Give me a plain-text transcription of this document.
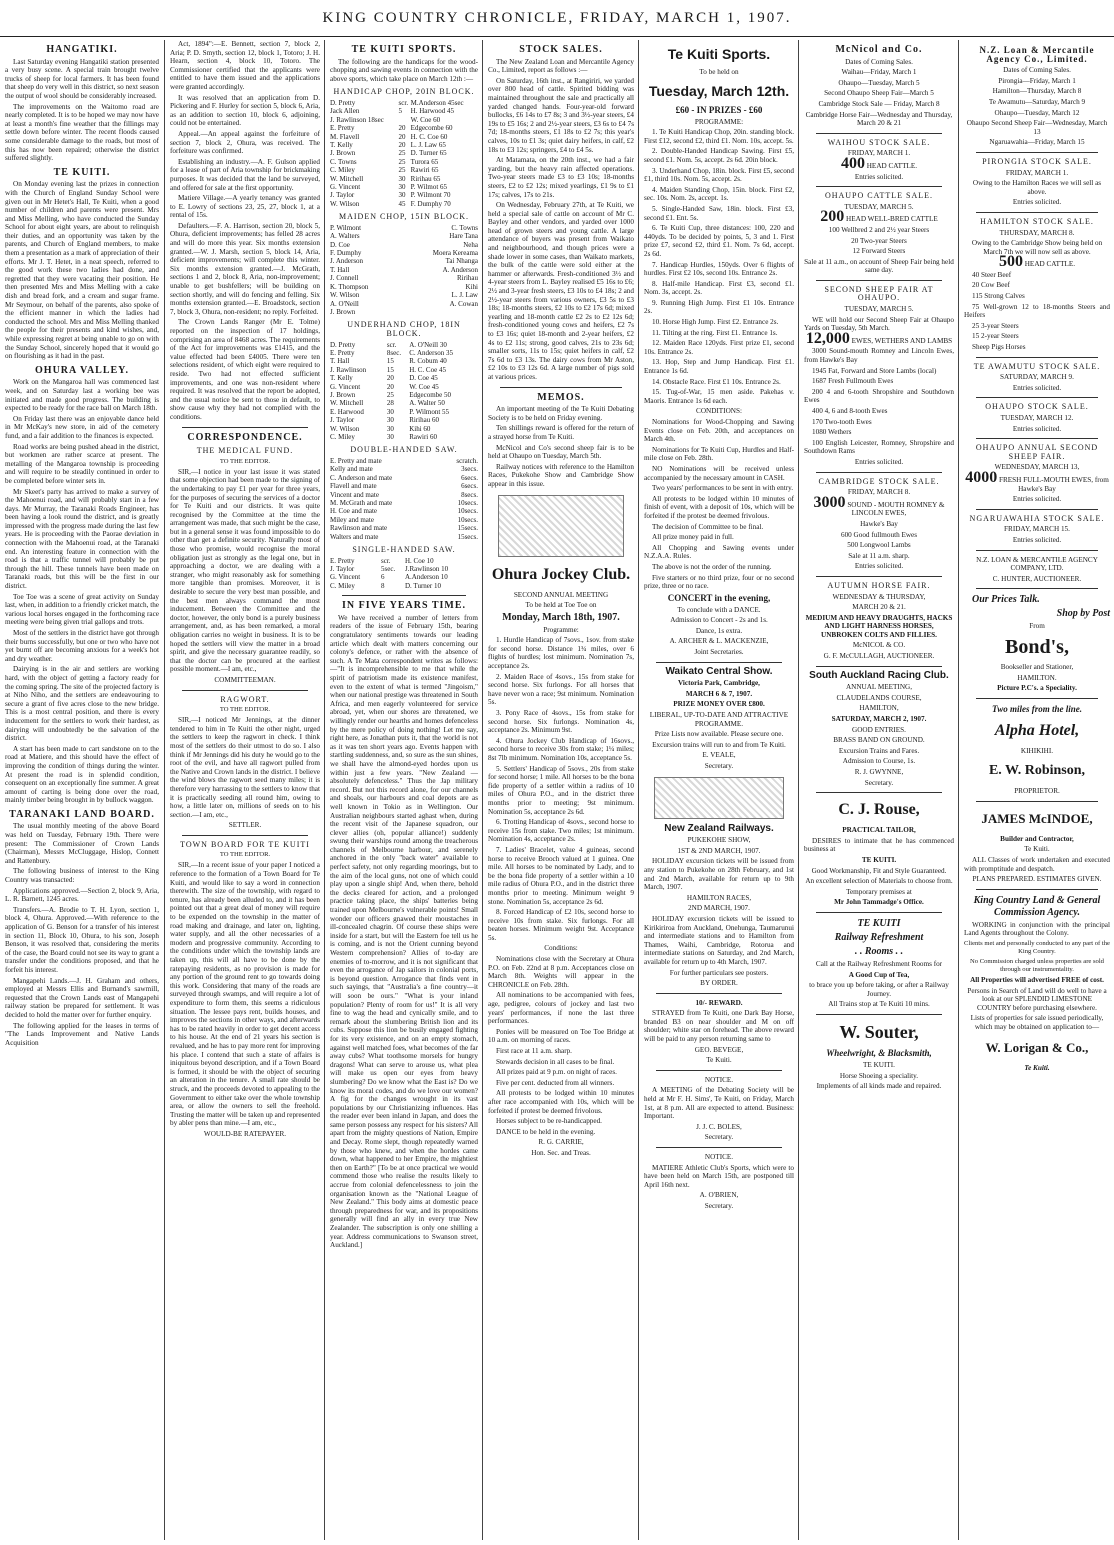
KING COUNTRY CHRONICLE, FRIDAY, MARCH 1, 1907.
HANGATIKI.

Last Saturday evening Hangatiki station presented a very busy scene. A special train brought twelve trucks of sheep for local farmers. It has been found that sheep do very well in this district, so next season the output of wool should be considerably increased.

The improvements on the Waitomo road are nearly completed. It is to be hoped we may now have at least a month's fine weather that the fillings may settle down before winter. The recent floods caused some considerable damage to the roads, but most of this has now been repaired; otherwise the district suffered slightly.

TE KUITI.

On Monday evening last the prizes in connection with the Church of England Sunday School were given out in Mr Hetet's Hall, Te Kuiti, when a good number of children and parents were present. Mrs and Miss Melling, who have conducted the Sunday School for about eight years, are about to relinquish their duties, and an opportunity was taken by the parents, and Church of England members, to make them a presentation as a mark of appreciation of their efforts. Mr J. T. Hetet, in a neat speech, referred to the good work these two ladies had done, and regretted that they were vacating their position. He then presented Mrs and Miss Melling with a cake dish and bread fork, and a cream and sugar frame. Mr Seymour, on behalf of the parents, also spoke of the efficient manner in which the ladies had conducted the school. Mrs and Miss Melling thanked the people for their presents and kind wishes, and, while expressing regret at being unable to go on with the Sunday School, sincerely hoped that it would go on flourishing as it had in the past.

OHURA VALLEY.

Work on the Mangaroa hall was commenced last week, and on Saturday last a working bee was initiated and made good progress. The building is expected to be ready for the race ball on March 18th.

On Friday last there was an enjoyable dance held in Mr McKay's new store, in aid of the cemetery fund, and a fair addition to the finances is expected.

Road works are being pushed ahead in the district, but workmen are rather scarce at present. The metalling of the Mangaroa township is proceeding and will require to be steadily continued in order to be completed before winter sets in.

Mr Skeet's party has arrived to make a survey of the Mahoenui road, and will probably start in a few days. Mr Murray, the Taranaki Roads Engineer, has been having a look round the district, and is greatly impressed with the progress made during the last few years. He is proceeding with the Paorae deviation in connection with the Mahoenui road, at the Taranaki end. An interesting feature in connection with the road is that a traffic tunnel will probably be put through the hill. These tunnels have been made on Taranaki roads, but this will be the first in our district.

Toe Toe was a scene of great activity on Sunday last, when, in addition to a friendly cricket match, the various local horses engaged in the forthcoming race meeting were being given trial gallops and trots.

Most of the settlers in the district have got through their burns successfully, but one or two who have not yet burnt off are becoming anxious for a week's hot and dry weather.

Dairying is in the air and settlers are working hard, with the object of getting a factory ready for the coming spring. The site of the projected factory is at Niho Niho, and the settlers are endeavouring to secure a grant of five acres close to the new bridge. This is a most central position, and there is every inducement for the settlers to work their hardest, as dairying will undoubtedly be the salvation of the district.

A start has been made to cart sandstone on to the road at Matiere, and this should have the effect of improving the condition of things during the winter. At present the road is in splendid condition, consequent on an exceptionally fine summer. A great amount of carting is being done over the road, mainly timber being brought in by bullock waggon.

TARANAKI LAND BOARD.

The usual monthly meeting of the above Board was held on Tuesday, February 19th. There were present: The Commissioner of Crown Lands (Chairman), Messrs McCluggage, Hislop, Connett and Rattenbury.

The following business of interest to the King Country was transacted:

Applications approved.—Section 2, block 9, Aria, L. R. Barnett, 1245 acres.

Transfers.—A. Brodie to T. H. Lyon, section 1, block 4, Ohura. Approved.—With reference to the application of G. Benson for a transfer of his interest in section 11, Block 10, Ohura, to his son, Joseph Benson, it was resolved that, considering the merits of the case, the Board could not see its way to grant a transfer under the conditions proposed, and that he forfeit his interest.

Mangapehi Lands.—J. H. Graham and others, employed at Messrs Ellis and Burnand's sawmill, requested that the Crown Lands east of Mangapehi railway station be prepared for settlement. It was decided to hold the matter over for further enquiry.

The following applied for the leases in terms of "The Lands Improvement and Native Lands Acquisition

Act, 1894":—E. Bennett, section 7, block 2, Aria; P. D. Smyth, section 12, block 1, Totoro; J. H. Hearn, section 4, block 10, Totoro. The Commissioner certified that the applicants were entitled to have them issued and the applications were granted accordingly.

It was resolved that an application from D. Pickering and F. Hurley for section 5, block 6, Aria, as an addition to section 10, block 6, adjoining, could not be entertained.

Appeal.—An appeal against the forfeiture of section 7, block 2, Ohura, was received. The forfeiture was confirmed.

Establishing an industry.—A. F. Gulson applied for a lease of part of Aria township for brickmaking purposes. It was decided that the land be surveyed, and offered for sale at the first opportunity.

Matiere Village.—A yearly tenancy was granted to E. Lowry of sections 23, 25, 27, block 1, at a rental of 15s.

Defaulters.—F. A. Harrison, section 20, block 5, Ohura, deficient improvements; has felled 28 acres and will do more this year. Six months extension granted.—W. J. Marsh, section 5, block 14, Aria, deficient improvements; will complete this winter. Six months extension granted.—J. McGrath, sections 1 and 2, block 8, Aria, non-improvement; unable to get bushfellers; will be building on section shortly, and will do fencing and felling. Six months extension granted.—E. Broadstock, section 7, block 3, Ohura, non-resident; no reply. Forfeited.

The Crown Lands Ranger (Mr E. Tolme) reported on the inspection of 17 holdings, comprising an area of 8468 acres. The requirements of the Act for improvements was £1415, and the value effected had been £4005. There were ten selections resident, of which eight were required to reside. Two had not effected sufficient improvements, and one was non-resident where required. It was resolved that the report be adopted, and the usual notice be sent to those in default, to show cause why they had not complied with the conditions.

CORRESPONDENCE.
THE MEDICAL FUND.

TO THE EDITOR.

SIR,—I notice in your last issue it was stated that some objection had been made to the signing of the undertaking to pay £1 per year for three years, for the purposes of securing the services of a doctor for Te Kuiti and our districts. It was quite recognised by the Committee at the time the arrangement was made, that such might be the case, but in a general sense it was found impossible to do other than get a definite security. Naturally most of those who promise, would recognise the moral obligation just as strongly as the legal one, but in approaching a doctor, we are dealing with a stranger, who might reasonably ask for something more tangible than promises. Moreover, it is desirable to secure the very best man possible, and the best men always command the most inducement. Between the Committee and the doctor, however, the only bond is a purely business arrangement, and, as has been remarked, a moral obligation carries no weight in business. It is to be hoped the settlers will view the matter in a broad spirit, and give the necessary guarantee readily, so that the doctor can be procured at the earliest possible moment.—I am, etc.,

COMMITTEEMAN.

RAGWORT.

TO THE EDITOR.

SIR,—I noticed Mr Jennings, at the dinner tendered to him in Te Kuiti the other night, urged the settlers to keep the ragwort in check. I think most of the settlers do their utmost to do so. I also think if Mr Jennings did his duty he would go to the root of the evil, and have all ragwort pulled from the Native and Crown lands in the district. I believe the wind blows the ragwort seed many miles; it is therefore very harrassing to the settlers to know that it is practically seeding all round him, owing to how, a little later on, millions of seeds on to his section.—I am, etc.,

SETTLER.

TOWN BOARD FOR TE KUITI

TO THE EDITOR.

SIR,—In a recent issue of your paper I noticed a reference to the formation of a Town Board for Te Kuiti, and would like to say a word in connection therewith. The size of the township, with regard to tenure, has already been alluded to, and it has been pointed out that a great deal of money will require to be expended on the township in the matter of road making and drainage, and later on, lighting, water supply, and all the other necessaries of a modern and progressive community. According to the conditions under which the township lands are taken up, this will all have to be done by the ratepaying residents, as no provision is made for any portion of the ground rent to go towards doing this work. Considering that many of the roads are surveyed through swamps, and will require a lot of expenditure to form them, this seems a ridiculous situation. The lessee pays rent, builds houses, and improves the sections in other ways, and afterwards has to be rated heavily in order to get decent access to his house. At the end of 21 years his section is revalued, and he has to pay more rent for improving his place. I contend that such a state of affairs is iniquitous beyond description, and if a Town Board is formed, it should be with the object of securing an alteration in the tenure. A small rate should be struck, and the proceeds devoted to appealing to the Government to either take over the whole township area, or allow the owners to sell the freehold. Trusting the matter will be taken up and represented by abler pens than mine.—I am, etc.,

WOULD-BE RATEPAYER.

TE KUITI SPORTS.

The following are the handicaps for the wood-chopping and sawing events in connection with the above sports, which take place on March 12th :—

HANDICAP CHOP, 20IN BLOCK.
D. Pretty	scr.	M.Anderson 45sec
Jack Allen	5	H. Harwood 45
J. Rawlinson 18sec		W. Coe 60
E. Pretty	20	Edgecombe 60
M. Flavell	20	H. C. Coe 60
T. Kelly	20	L. J. Law 65
J. Brown	25	D. Turner 65
C. Towns	25	Turora 65
C. Miley	25	Rawiri 65
W. Mitchell	30	Ririhau 65
G. Vincent	30	P. Wilmot 65
J. Taylor	30	P. Wilmont 70
W. Wilson	45	F. Dumphy 70
MAIDEN CHOP, 15IN BLOCK.
P. Wilmont	C. Towns
A. Walters	Hare Tana
D. Coe	Neha
F. Dumphy	Moera Kereama
J. Anderson	Tai Nhanga
T. Hall	A. Anderson
J. Connell	Ririhau
K. Thompson	Kihi
W. Wilson	L. J. Law
A. O'Neill	A. Cowan
J. Brown	
UNDERHAND CHOP, 18IN BLOCK.
D. Pretty	scr.	A. O'Neill 30
E. Pretty	8sec.	C. Anderson 35
T. Hall	15	R. Cobum 40
J. Rawlinson	15	H. C. Coe 45
T. Kelly	20	D. Coe 45
G. Vincent	20	W. Coe 45
J. Brown	25	Edgecombe 50
W. Mitchell	28	A. Walter 50
E. Harwood	30	P. Wilmont 55
J. Taylor	30	Ririhau 60
W. Wilson	30	Kihi 60
C. Miley	30	Rawiri 60
DOUBLE-HANDED SAW.
E. Pretty and mate	scratch.
Kelly and mate	3secs.
C. Anderson and mate	6secs.
Flavell and mate	6secs.
Vincent and mate	8secs.
M. McGrath and mate	10secs.
H. Coe and mate	10secs.
Miley and mate	10secs.
Rawlinson and mate	15secs.
Walters and mate	15secs.
SINGLE-HANDED SAW.
E. Pretty	scr.	H. Coe 10
J. Taylor	5sec.	J.Rawlinson 10
G. Vincent	6	A.Anderson 10
C. Miley	8	D. Turner 10
IN FIVE YEARS TIME.

We have received a number of letters from readers of the issue of February 15th, bearing congratulatory sentiments towards our leading article which dealt with matters concerning our colony's defence, or rather with the absence of such. A Te Mata correspondent writes as follows:—"It is incomprehensible to me that while the spirit of patriotism made its existence manifest, even to the extent of what is termed "Jingoism," when our national prestige was threatened in South Africa, and men eagerly volunteered for service abroad, yet, when our shores are threatened, we willingly render our hearths and homes defenceless by the mere policy of doing nothing! Let me say, right here, as Jonathan puts it, that the world is not as it was ten short years ago. Events happen with startling suddenness, and, so sure as the sun shines, we shall have the almond-eyed hordes upon us within just a few years. "New Zealand — absolutely defenceless." Thus the Jap military record. But not this record alone, for our channels and shoals, our harbours and coal depots are as well known in Tokio as in Wellington. Our Australian neighbours started aghast when, during the recent visit of the Japanese squadron, our clever allies (oh, popular alliance!) suddenly swung their warships round among the treacherous channels of Melbourne harbour, and serenely anchored in the only "back water" available to perfect safety, not only regarding moorings, but to the aim of the local guns, not one of which could play upon a single ship! And, when there, behold the decks cleared for action, and a prolonged practice taking place, the ships' batteries being trained upon Melbourne's vulnerable points! Small wonder our officers gnawed their moustaches in ill-concealed chagrin. Of course these ships were inside for a start, but will the Eastern foe tell us he is coming, and is not the Orient cunning beyond Western comprehension? Allies of to-day are enemies of to-morrow, and it is not significant that even the arrogance of Jap sailors in colonial ports, is beyond question. Arrogance that finds vent in such sayings, that "Australia's a fine country—it will soon be ours." "What is your inland population? Plenty of room for us!" It is all very fine to wag the head and cynically smile, and to remark about the slumbering British lion and its cubs. Suppose this lion be busily engaged fighting for its very existence, and on an empty stomach, against well matched foes, what becomes of the far away cubs? What toothsome morsels for hungry dragons! What can serve to arouse us, what plea will make us open our eyes from heavy slumbering? Do we know what the East is? Do we know its moral codes, and do we love our women? A fig for the changes wrought in its vast populations by our Christianizing influences. Has the reader ever been inland in Japan, and does the same person possess any respect for his sisters? All apart from the mighty questions of Nation, Empire and Decay. Rome slept, though repeatedly warned by those who knew, and when the hordes came down, what happened to her Empire, the mightiest then on Earth?" [To be at once practical we would commend those who realise the results likely to accrue from colonial defencelessness to join the organisation known as the "National League of New Zealand." This body aims at domestic peace through preparedness for war, and its propositions generally will find an ally in every true New Zealander. The subscription is only one shilling a year. Address communications to Swanson street, Auckland.]

STOCK SALES.

The New Zealand Loan and Mercantile Agency Co., Limited, report as follows :—

On Saturday, 16th inst., at Rangiriri, we yarded over 800 head of cattle. Spirited bidding was maintained throughout the sale and practically all yarded changed hands. Four-year-old forward bullocks, £6 14s to £7 8s; 3 and 3½-year steers, £4 19s to £5 16s; 2 and 2½-year steers, £3 6s to £4 7s 7d; 18-months steers, £1 18s to £2 7s; this year's calves, 10s to £1 3s; quiet dairy heifers, in calf, £2 18s to £3 12s; springers, £4 to £4 5s.

At Matamata, on the 20th inst., we had a fair yarding, but the heavy rain affected operations. Two-year steers made £3 to £3 10s; 18-months steers, £2 to £2 12s; mixed yearlings, £1 9s to £1 17s; calves, 17s to 21s.

On Wednesday, February 27th, at Te Kuiti, we held a special sale of cattle on account of Mr C. Bayley and other vendors, and yarded over 1000 head of grown steers and young cattle. A large attendance of buyers was present from Waikato and neighbourhood, and though prices were a shade lower in some cases, than Waikato markets, the bulk of the cattle were sold either at the hammer or afterwards. Fresh-conditioned 3½ and 4-year steers from L. Bayley realised £5 16s to £6; 2½ and 3-year fresh steers, £3 10s to £4 18s; 2 and 2½-year steers from various owners, £3 5s to £3 18s; 18-months steers, £2 10s to £2 17s 6d; mixed yearling and 18-month cattle £2 2s to £2 12s 6d; fresh-conditioned young cows and heifers, £2 7s to £3 16s; quiet 18-month and 2-year heifers, £2 4s to £2 11s; strong, good calves, 21s to 23s 6d; smaller sorts, 11s to 15s; quiet heifers in calf, £2 7s 6d to £3 13s. The dairy cows from Mr Aston, £2 10s to £3 12s 6d. A large number of pigs sold at various prices.

MEMOS.

An important meeting of the Te Kuiti Debating Society is to be held on Friday evening.

Ten shillings reward is offered for the return of a strayed horse from Te Kuiti.

McNicol and Co's second sheep fair is to be held at Ohaupo on Tuesday, March 5th.

Railway notices with reference to the Hamilton Races, Pukekohe Show and Cambridge Show appear in this issue.

Ohura Jockey Club.

SECOND ANNUAL MEETING

To be held at Toe Toe on

Monday, March 18th, 1907.

Programme:

1. Hurdle Handicap of 7sovs., 1sov. from stake for second horse. Distance 1¾ miles, over 6 flights of hurdles; lost minimum. Nomination 7s, acceptance 2s.

2. Maiden Race of 4sovs., 15s from stake for second horse. Six furlongs. For all horses that have never won a race; 9st minimum. Nomination 5s.

3. Pony Race of 4sovs., 15s from stake for second horse. Six furlongs. Nomination 4s, acceptance 2s. Minimum 9st.

4. Ohura Jockey Club Handicap of 16sovs., second horse to receive 30s from stake; 1¼ miles; 8st 7lb minimum. Nomination 10s, acceptance 5s.

5. Settlers' Handicap of 5sovs., 20s from stake for second horse; 1 mile. All horses to be the bona fide property of a settler within a radius of 10 miles of Ohura P.O., and in the district three months prior to meeting; 9st minimum. Nomination 5s, acceptance 2s 6d.

6. Trotting Handicap of 4sovs., second horse to receive 15s from stake. Two miles; 1st minimum. Nomination 4s, acceptance 2s.

7. Ladies' Bracelet, value 4 guineas, second horse to receive Brooch valued at 1 guinea. One mile. All horses to be nominated by Lady, and to be the bona fide property of a settler within a 10 mile radius of Ohura P.O., and in the district three months prior to meeting. Minimum weight 9 stone. Nomination 5s, acceptance 2s 6d.

8. Forced Handicap of £2 10s, second horse to receive 10s from stake. Six furlongs. For all beaten horses. Minimum weight 9st. Acceptance 5s.

Conditions:

Nominations close with the Secretary at Ohura P.O. on Feb. 22nd at 8 p.m. Acceptances close on March 8th. Weights will appear in the CHRONICLE on Feb. 28th.

All nominations to be accompanied with fees, age, pedigree, colours of jockey and last two years' performances, if none the last three performances.

Ponies will be measured on Toe Toe Bridge at 10 a.m. on morning of races.

First race at 11 a.m. sharp.

Stewards decision in all cases to be final.

All prizes paid at 9 p.m. on night of races.

Five per cent. deducted from all winners.

All protests to be lodged within 10 minutes after race accompanied with 10s, which will be forfeited if protest be deemed frivolous.

Horses subject to be re-handicapped.

DANCE to be held in the evening.

R. G. CARRIE,

Hon. Sec. and Treas.

Te Kuiti Sports.

To be held on

Tuesday, March 12th.

£60 - IN PRIZES - £60

PROGRAMME:

1. Te Kuiti Handicap Chop, 20in. standing block. First £12, second £2, third £1. Nom. 10s, accept. 5s.

2. Double-Handed Handicap Sawing. First £5, second £1. Nom. 5s, accept. 2s 6d. 20in block.

3. Underhand Chop, 18in. block. First £5, second £1, third 10s. Nom. 5s, accept. 2s.

4. Maiden Standing Chop, 15in. block. First £2, sec. 10s. Nom. 2s, accept. 1s.

5. Single-Handed Saw, 18in. block. First £3, second £1. Ent. 5s.

6. Te Kuiti Cup, three distances: 100, 220 and 440yds. To be decided by points, 5, 3 and 1. First prize £7, second £2, third £1. Nom. 7s 6d, accept. 2s 6d.

7. Handicap Hurdles, 150yds. Over 6 flights of hurdles. First £2 10s, second 10s. Entrance 2s.

8. Half-mile Handicap. First £3, second £1. Nom. 3s, accept. 2s.

9. Running High Jump. First £1 10s. Entrance 2s.

10. Horse High Jump. First £2. Entrance 2s.

11. Tilting at the ring. First £1. Entrance 1s.

12. Maiden Race 120yds. First prize £1, second 10s. Entrance 2s.

13. Hop, Step and Jump Handicap. First £1. Entrance 1s 6d.

14. Obstacle Race. First £1 10s. Entrance 2s.

15. Tug-of-War, 15 men aside. Pakehas v. Maoris. Entrance 1s 6d each.

CONDITIONS:

Nominations for Wood-Chopping and Sawing Events close on Feb. 20th, and acceptances on March 4th.

Nominations for Te Kuiti Cup, Hurdles and Half-mile close on Feb. 28th.

NO Nominations will be received unless accompanied by the necessary amount in CASH.

Two years' performances to be sent in with entry.

All protests to be lodged within 10 minutes of finish of event, with a deposit of 10s, which will be forfeited if the protest be deemed frivolous.

The decision of Committee to be final.

All prize money paid in full.

All Chopping and Sawing events under N.Z.A.A. Rules.

The above is not the order of the running.

Five starters or no third prize, four or no second prize, three or no race.

CONCERT in the evening,

To conclude with a DANCE.

Admission to Concert - 2s and 1s.

Dance, 1s extra.

A. ARCHER & L. MACKENZIE,

Joint Secretaries.

Waikato Central Show.

Victoria Park, Cambridge,

MARCH 6 & 7, 1907.

PRIZE MONEY OVER £800.

LIBERAL, UP-TO-DATE AND ATTRACTIVE PROGRAMME.

Prize Lists now available. Please secure one.

Excursion trains will run to and from Te Kuiti.

E. VEALE,

Secretary.

New Zealand Railways.

PUKEKOHE SHOW,

1ST & 2ND MARCH, 1907.

HOLIDAY excursion tickets will be issued from any station to Pukekohe on 28th February, and 1st and 2nd March, available for return up to 9th March, 1907.

HAMILTON RACES,

2ND MARCH, 1907.

HOLIDAY excursion tickets will be issued to Kirikiriroa from Auckland, Onehunga, Taumarunui and intermediate stations and to Hamilton from Thames, Waihi, Cambridge, Rotorua and intermediate stations on Saturday, and 2nd March, available for return up to 4th March, 1907.

For further particulars see posters.

BY ORDER.

10/- REWARD.

STRAYED from Te Kuiti, one Dark Bay Horse, branded B3 on near shoulder and M on off shoulder; white star on forehead. The above reward will be paid to any person returning same to

GEO. BEVEGE,

Te Kuiti.

NOTICE.

A MEETING of the Debating Society will be held at Mr F. H. Sims', Te Kuiti, on Friday, March 1st, at 8 p.m. All are expected to attend. Business: Important.

J. J. C. BOLES,

Secretary.

NOTICE.

MATIERE Athletic Club's Sports, which were to have been held on March 15th, are postponed till April 16th next.

A. O'BRIEN,

Secretary.

McNicol and Co.

Dates of Coming Sales.

Waihau—Friday, March 1

Ohaupo—Tuesday, March 5

Second Ohaupo Sheep Fair—March 5

Cambridge Stock Sale — Friday, March 8

Cambridge Horse Fair—Wednesday and Thursday, March 20 & 21

WAIHOU STOCK SALE.

FRIDAY, MARCH 1.

400 HEAD CATTLE.

Entries solicited.

OHAUPO CATTLE SALE.

TUESDAY, MARCH 5.

200 HEAD WELL-BRED CATTLE

100 Wellbred 2 and 2½ year Steers

20 Two-year Steers

12 Forward Steers

Sale at 11 a.m., on account of Sheep Fair being held same day.

SECOND SHEEP FAIR AT OHAUPO.

TUESDAY, MARCH 5.

WE will hold our Second Sheep Fair at Ohaupo Yards on Tuesday, 5th March.

12,000 EWES, WETHERS AND LAMBS

3000 Sound-mouth Romney and Lincoln Ewes, from Hawke's Bay

1945 Fat, Forward and Store Lambs (local)

1687 Fresh Fullmouth Ewes

200 4 and 6-tooth Shropshire and Southdown Ewes

400 4, 6 and 8-tooth Ewes

170 Two-tooth Ewes

1080 Wethers

100 English Leicester, Romney, Shropshire and Southdown Rams

Entries solicited.

CAMBRIDGE STOCK SALE.

FRIDAY, MARCH 8.

3000 SOUND - MOUTH ROMNEY & LINCOLN EWES,

Hawke's Bay

600 Good fullmouth Ewes

500 Longwool Lambs

Sale at 11 a.m. sharp.

Entries solicited.

AUTUMN HORSE FAIR.

WEDNESDAY & THURSDAY,

MARCH 20 & 21.

MEDIUM AND HEAVY DRAUGHTS, HACKS AND LIGHT HARNESS HORSES, UNBROKEN COLTS AND FILLIES.

McNICOL & CO.

G. F. McCULLAGH, AUCTIONEER.

South Auckland Racing Club.

ANNUAL MEETING,

CLAUDELANDS COURSE,

HAMILTON,

SATURDAY, MARCH 2, 1907.

GOOD ENTRIES.

BRASS BAND ON GROUND.

Excursion Trains and Fares.

Admission to Course, 1s.

R. J. GWYNNE,

Secretary.

C. J. Rouse,

PRACTICAL TAILOR,

DESIRES to intimate that he has commenced business at

TE KUITI.

Good Workmanship, Fit and Style Guaranteed.

An excellent selection of Materials to choose from.

Temporary premises at

Mr John Tammadge's Office.

TE KUITI

Railway Refreshment

. . Rooms . .

Call at the Railway Refreshment Rooms for

A Good Cup of Tea,

to brace you up before taking, or after a Railway Journey.

All Trains stop at Te Kuiti 10 mins.

W. Souter,

Wheelwright, & Blacksmith,

TE KUITI.

Horse Shoeing a speciality.

Implements of all kinds made and repaired.

N.Z. Loan & Mercantile Agency Co., Limited.

Dates of Coming Sales.

Pirongia—Friday, March 1

Hamilton—Thursday, March 8

Te Awamutu—Saturday, March 9

Ohaupo—Tuesday, March 12

Ohaupo Second Sheep Fair—Wednesday, March 13

Ngaruawahia—Friday, March 15

PIRONGIA STOCK SALE.

FRIDAY, MARCH 1.

Owing to the Hamilton Races we will sell as above.

Entries solicited.

HAMILTON STOCK SALE.

THURSDAY, MARCH 8.

Owing to the Cambridge Show being held on March 7th we will now sell as above.

500 HEAD CATTLE.

40 Steer Beef

20 Cow Beef

115 Strong Calves

75 Well-grown 12 to 18-months Steers and Heifers

25 3-year Steers

15 2-year Steers

Sheep Pigs Horses

TE AWAMUTU STOCK SALE.

SATURDAY, MARCH 9.

Entries solicited.

OHAUPO STOCK SALE.

TUESDAY, MARCH 12.

Entries solicited.

OHAUPO ANNUAL SECOND SHEEP FAIR.

WEDNESDAY, MARCH 13,

4000 FRESH FULL-MOUTH EWES, from Hawke's Bay

Entries solicited.

NGARUAWAHIA STOCK SALE.

FRIDAY, MARCH 15.

Entries solicited.

N.Z. LOAN & MERCANTILE AGENCY COMPANY, LTD.

C. HUNTER, AUCTIONEER.

Our Prices Talk.

Shop by Post

From

Bond's,

Bookseller and Stationer,

HAMILTON.

Picture P.C's. a Speciality.

Two miles from the line.

Alpha Hotel,

KIHIKIHI.

E. W. Robinson,

PROPRIETOR.

JAMES McINDOE,

Builder and Contractor,

Te Kuiti.

ALL Classes of work undertaken and executed with promptitude and despatch.

PLANS PREPARED. ESTIMATES GIVEN.

King Country Land & General Commission Agency.

WORKING in conjunction with the principal Land Agents throughout the Colony.

Clients met and personally conducted to any part of the King Country.

No Commission charged unless properties are sold through our instrumentality.

All Properties will advertised FREE of cost.

Persons in Search of Land will do well to have a look at our SPLENDID LIMESTONE COUNTRY before purchasing elsewhere.

Lists of properties for sale issued periodically, which may be obtained on application to—

W. Lorigan & Co.,

Te Kuiti.
